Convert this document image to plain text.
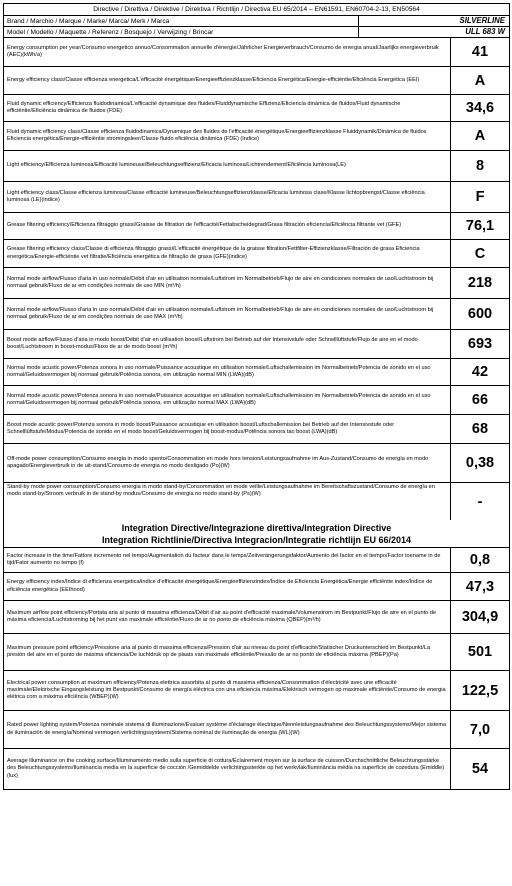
Directive / Direttiva / Direktive / Direktiva / Richtlijn / Directiva EU 65/2014 – EN61591, EN60704-2-13, EN50564
Brand / Marchio / Marque / Marke/ Marca/ Merk / Marca	SILVERLINE
Model / Modello / Maquette / Referenz / Bosquejo / Verwijzing / Brincar	ULL 683 W
Energy consumption per year/Consumo energetico annuo/Consommation annuelle d'énergie/Jährlicher Energieverbrauch/Consumo de energia anual/Jaarlijks energieverbruik (AEC)(kWh/a)	41
Energy efficiency class/Classe efficienza energetica/L'efficacité énergétique/Energieeffizienzklasse/Eficiencia Energética/Energie-efficiëntie/Eficiência Energética (EEI)	A
Fluid dynamic efficiency/Efficienza fluidodinamica/L'efficacité dynamique des fluides/Fluiddynamische Effizienz/Eficiencia dinámica de fluidos/Fluid dynamische efficiëntie/Eficiência dinâmica de fluidos (FDE)	34,6
Fluid dynamic efficiency class/Classe efficienza fluidodinamica/Dynamique des fluides de l'efficacité énergétique/Energieeffizienzklasse Fluiddynamik/Dinámica de fluidos Eficiencia energética/Energie-efficiëntie stromingsleer/Classe fluido eficiência dinâmica (FDE) (Indice)	A
Light efficiency/Efficienza luminosa/Efficacité lumineuse/Beleuchtungseffizienz/Eficacia luminosa/Lichtrendement/Eficiência luminosa(LE)	8
Light efficiency class/Classe efficienza luminosa/Classe efficacité lumineuse/Beleuchtungseffizienzklasse/Eficacia luminosa clase/Klasse lichtopbrengst/Classe eficiência luminosa (LE)(indice)	F
Grease filtering efficiency/Efficienza filtraggio grassi/Graisse de filtration de l'efficacité/Fettabscheidegrad/Grasa filtración eficiencia/Eficiência filtrante vet (GFE)	76,1
Grease filtering efficiency class/Classe di efficienza filtraggio grassi/L'efficacité énergétique de la graisse filtration/Fettfilter-Effizienzklasse/Filtración de grasa Eficiencia energética/Energie-efficiëntie vet filtratie/Eficiência energética de filtração de graxa (GFE)(indice)	C
Normal mode airflow/Flusso d'aria in uso normale/Débit d'air en utilisation normale/Luftstrom im Normalbetrieb/Flujo de aire en condiciones normales de uso/Luchtstroom bij normaal gebruik/Fluxo de ar em condições normais de uso MIN (m³/h)	218
Normal mode airflow/Flusso d'aria in uso normale/Débit d'air en utilisation normale/Luftstrom im Normalbetrieb/Flujo de aire en condiciones normales de uso/Luchtstroom bij normaal gebruik/Fluxo de ar em condições normais de uso MAX (m³/h)	600
Boost mode airflow/Flusso d'aria in modo boost/Débit d'air en utilisation boost/Luftstrom bei Betrieb auf der Intensivstufe oder Schnelllüftstufe/Flujo de aire en el modo boost/Luchtstroom in boost-modus/Fluxo de ar de modo boost (m³/h)	693
Normal mode acustic power/Potenza sonora in uso normale/Puissance acoustique en utilisation normale/Luftschallemission im Normalbetrieb/Potencia de sonido en el uso normal/Geluidsvermogen bij normaal gebruik/Potência sonora, em utilização normal MIN (LWA)(dB)	42
Normal mode acustic power/Potenza sonora in uso normale/Puissance acoustique en utilisation normale/Luftschallemission im Normalbetrieb/Potencia de sonido en el uso normal/Geluidsvermogen bij normaal gebruik/Potência sonora, em utilização normal MAX (LWA)(dB)	66
Boost mode acustic power/Potenza sonora in modo boost/Puissance acoustique en utilisation boost/Luftschallemission bei Betrieb auf der Intensivstufe oder Schnelllüftstufe/Modus/Potencia de sonido en el modo boost/Geluidsvermogen bij boost-modus/Potência sonora tao boost (LWA)(dB)	68
Off-mode power consumption/Consumo energia in modo spento/Consommation en mode hors tension/Leistungsaufnahme im Aus-Zustand/Consumo de energía en modo apagado/Energieverbruik in de uit-stand/Consumo de energia no modo desligado (Po)(W)	0,38
Stand-by mode power consumption/Consumo energia in modo stand-by/Consommation en mode veille/Leistungsaufnahme im Bereitschaftszustand/Consumo de energía en modo stand-by/Stroom verbruik in de stand-by modus/Consumo de energia no modo stand-by (Ps)(W)	-
Integration Directive/Integrazione direttiva/Integration Directive
Integration Richtlinie/Directiva Integracion/Integratie richtlijn EU 66/2014
Factor increase in the time/Fattore incremento nel tempo/Augmentation du facteur dans le temps/Zeitverängerungsfaktor/Aumento del factor en el tiempo/Factor toename in de tijd/Fator aumento no tempo (f)	0,8
Energy efficiency index/Indice di efficienza energetica/indice d'efficacité énergétique/Energieeffizienzindex/Índice de Eficiencia Energética/Energie efficiëntie index/Índice de eficiência energética (EEIhood)	47,3
Maximum airflow point efficiency/Portata aria al punto di massima efficienza/Débit d'air au point d'efficacité maximale/Volumenstrom im Bestpunkt/Flujo de aire en el punto de máxima eficiencia/Luchtstroming bij het punt van maximale efficiëntie/Fluxo de ar no ponto de eficiência máxima (QBEP)(m³/h)	304,9
Maximum pressure point efficiency/Pressione aria al punto di massima efficienza/Pression d'air au niveau du point d'efficacité/Statischer Druckunterschied im Bestpunkt/La presión del aire en el punto de máxima eficiencia/De luchtdruk op de plaats van maximale efficiëntie/Pressão de ar no ponto de eficiência máxima (PBEP)(Pa)	501
Electrical power consumption at maximum efficiency/Potenza elettrica assorbita al punto di massima efficienza/Consommation d'électricité avec une efficacité maximale/Elektrische Eingangsleistung im Bestpunkt/Consumo de energía eléctrica con una eficiencia máxima/Elektrisch vermogen op maximale efficiëntie/Consumo de energia elétrica com a máxima eficiência (WBEP)(W)	122,5
Rated power lighting system/Potenza nominale sistema di illuminazione/Évaluer système d'éclairage électrique/Nennleistungsaufnahme des Beleuchtungssystems/Mejor sistema de iluminación de energía/Nominal vermogen verlichtingssysteem/Sistema nominal de iluminação de energia (WL)(W)	7,0
Average illuminance on the cooking surface/Illuminamento medio sulla superficie di cottura/Éclairement moyen sur la surface de cuisson/Durchschnittliche Beleuchtungsstärke des Beleuchtungssystems/Iluminancia media en la superficie de cocción /Gemiddelde verlichtingssterkte op het werkvlak/Iluminância média na superfície de cozedura (Emiddle)(lux)	54
